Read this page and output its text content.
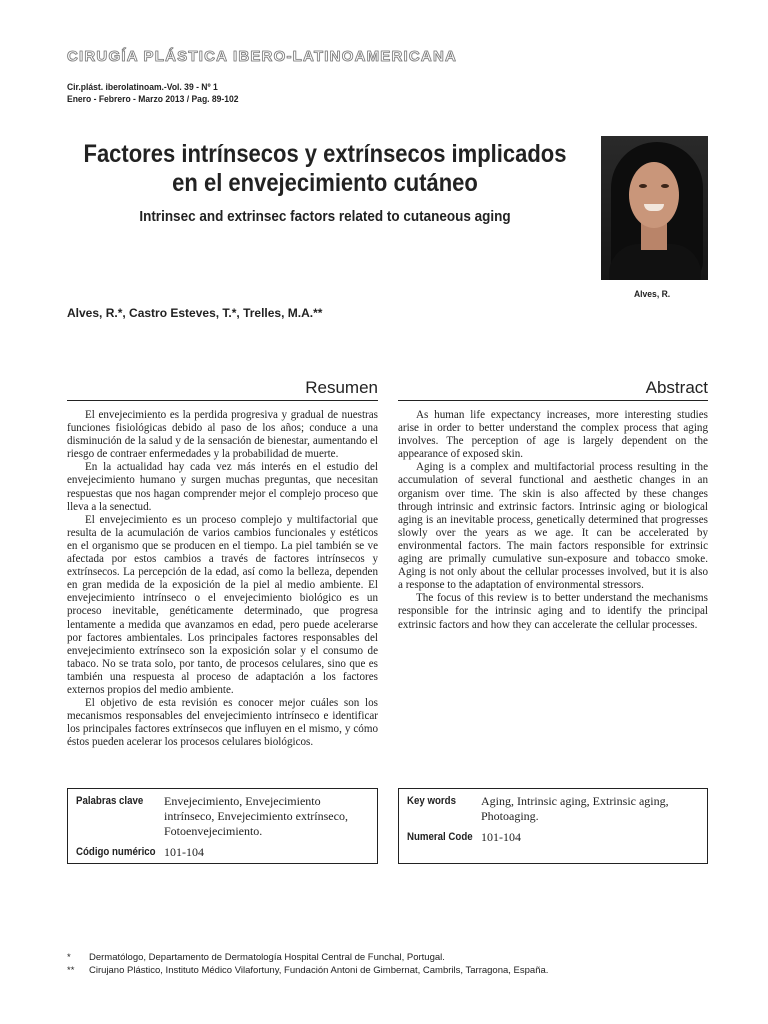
CIRUGÍA PLÁSTICA IBERO-LATINOAMERICANA
Cir.plást. iberolatinoam.-Vol. 39 - Nº 1
Enero - Febrero - Marzo 2013 / Pag. 89-102
Factores intrínsecos y extrínsecos implicados
en el envejecimiento cutáneo
Intrinsec and extrinsec factors related to cutaneous aging
Alves, R.
Alves, R.*, Castro Esteves, T.*, Trelles, M.A.**
Resumen	Abstract

El envejecimiento es la perdida progresiva y gradual de nuestras funciones fisiológicas debido al paso de los años; conduce a una disminución de la salud y de la sensación de bienestar, aumentando el riesgo de contraer enfermedades y la probabilidad de muerte.

En la actualidad hay cada vez más interés en el estudio del envejecimiento humano y surgen muchas preguntas, que necesitan respuestas que nos hagan comprender mejor el complejo proceso que lleva a la senectud.

El envejecimiento es un proceso complejo y multifactorial que resulta de la acumulación de varios cambios funcionales y estéticos en el organismo que se producen en el tiempo. La piel también se ve afectada por estos cambios a través de factores intrínsecos y extrínsecos. La percepción de la edad, así como la belleza, dependen en gran medida de la exposición de la piel al medio ambiente. El envejecimiento intrínseco o el envejecimiento biológico es un proceso inevitable, genéticamente determinado, que progresa lentamente a medida que avanzamos en edad, pero puede acelerarse por factores ambientales. Los principales factores responsables del envejecimiento extrínseco son la exposición solar y el consumo de tabaco. No se trata solo, por tanto, de procesos celulares, sino que es también una respuesta al proceso de adaptación a los factores externos propios del medio ambiente.

El objetivo de esta revisión es conocer mejor cuáles son los mecanismos responsables del envejecimiento intrínseco e identificar los principales factores extrínsecos que influyen en el mismo, y cómo éstos pueden acelerar los procesos celulares biológicos.

As human life expectancy increases, more interesting studies arise in order to better understand the complex process that aging involves. The perception of age is largely dependent on the appearance of exposed skin.

Aging is a complex and multifactorial process resulting in the accumulation of several functional and aesthetic changes in an organism over time. The skin is also affected by these changes through intrinsic and extrinsic factors. Intrinsic aging or biological aging is an inevitable process, genetically determined that progresses slowly over the years as we age. It can be accelerated by environmental factors. The main factors responsible for extrinsic aging are primally cumulative sun-exposure and tobacco smoke. Aging is not only about the cellular processes involved, but it is also a response to the adaptation of environmental stressors.

The focus of this review is to better understand the mechanisms responsible for the intrinsic aging and to identify the principal extrinsic factors and how they can accelerate the cellular processes.

Palabras clave	Envejecimiento, Envejecimiento intrínseco, Envejecimiento extrínseco, Fotoenvejecimiento.
Código numérico 101-104
Key words	Aging, Intrinsic aging, Extrinsic aging, Photoaging.
Numeral Code 101-104
*	Dermatólogo, Departamento de Dermatología Hospital Central de Funchal, Portugal.
**	Cirujano Plástico, Instituto Médico Vilafortuny, Fundación Antoni de Gimbernat, Cambrils, Tarragona, España.
